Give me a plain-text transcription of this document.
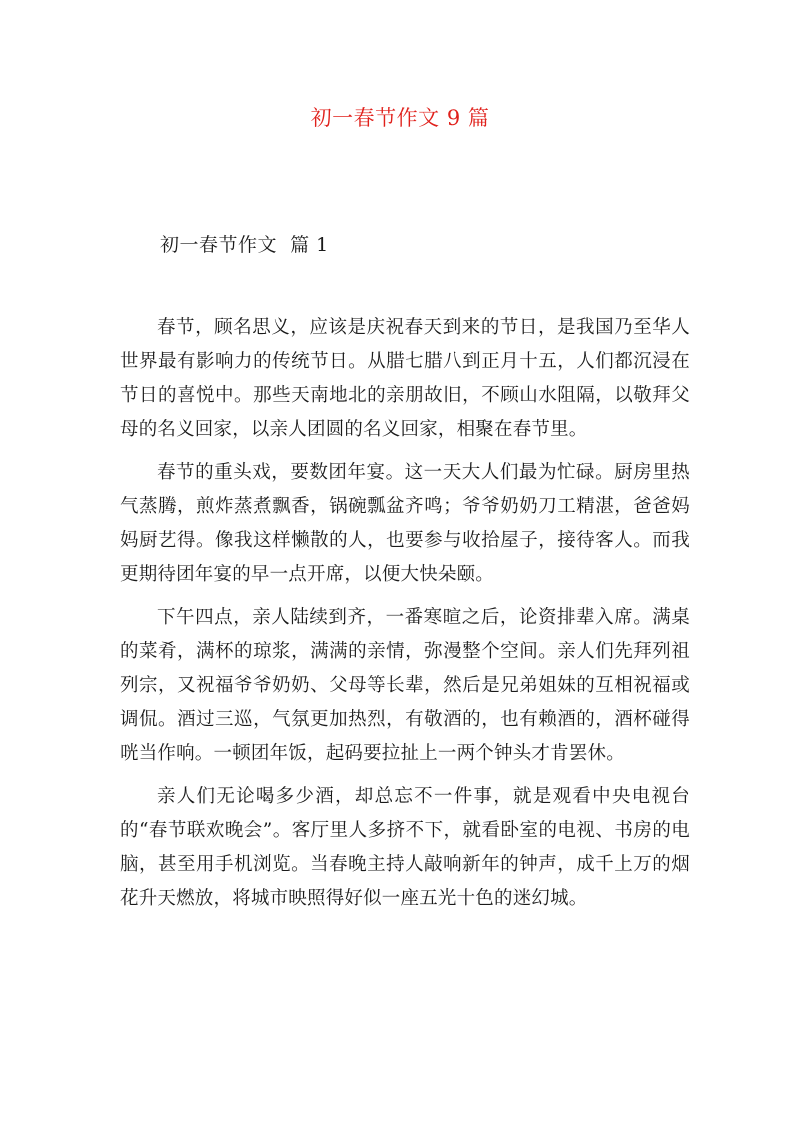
初一春节作文 9 篇
初一春节作文  篇 1

春节，顾名思义，应该是庆祝春天到来的节日，是我国乃至华人世界最有影响力的传统节日。从腊七腊八到正月十五，人们都沉浸在节日的喜悦中。那些天南地北的亲朋故旧，不顾山水阻隔，以敬拜父母的名义回家，以亲人团圆的名义回家，相聚在春节里。

春节的重头戏，要数团年宴。这一天大人们最为忙碌。厨房里热气蒸腾，煎炸蒸煮飘香，锅碗瓢盆齐鸣；爷爷奶奶刀工精湛，爸爸妈妈厨艺得。像我这样懒散的人，也要参与收拾屋子，接待客人。而我更期待团年宴的早一点开席，以便大快朵颐。

下午四点，亲人陆续到齐，一番寒暄之后，论资排辈入席。满桌的菜肴，满杯的琼浆，满满的亲情，弥漫整个空间。亲人们先拜列祖列宗，又祝福爷爷奶奶、父母等长辈，然后是兄弟姐妹的互相祝福或调侃。酒过三巡，气氛更加热烈，有敬酒的，也有赖酒的，酒杯碰得咣当作响。一顿团年饭，起码要拉扯上一两个钟头才肯罢休。

亲人们无论喝多少酒，却总忘不一件事，就是观看中央电视台的“春节联欢晚会”。客厅里人多挤不下，就看卧室的电视、书房的电脑，甚至用手机浏览。当春晚主持人敲响新年的钟声，成千上万的烟花升天燃放，将城市映照得好似一座五光十色的迷幻城。
